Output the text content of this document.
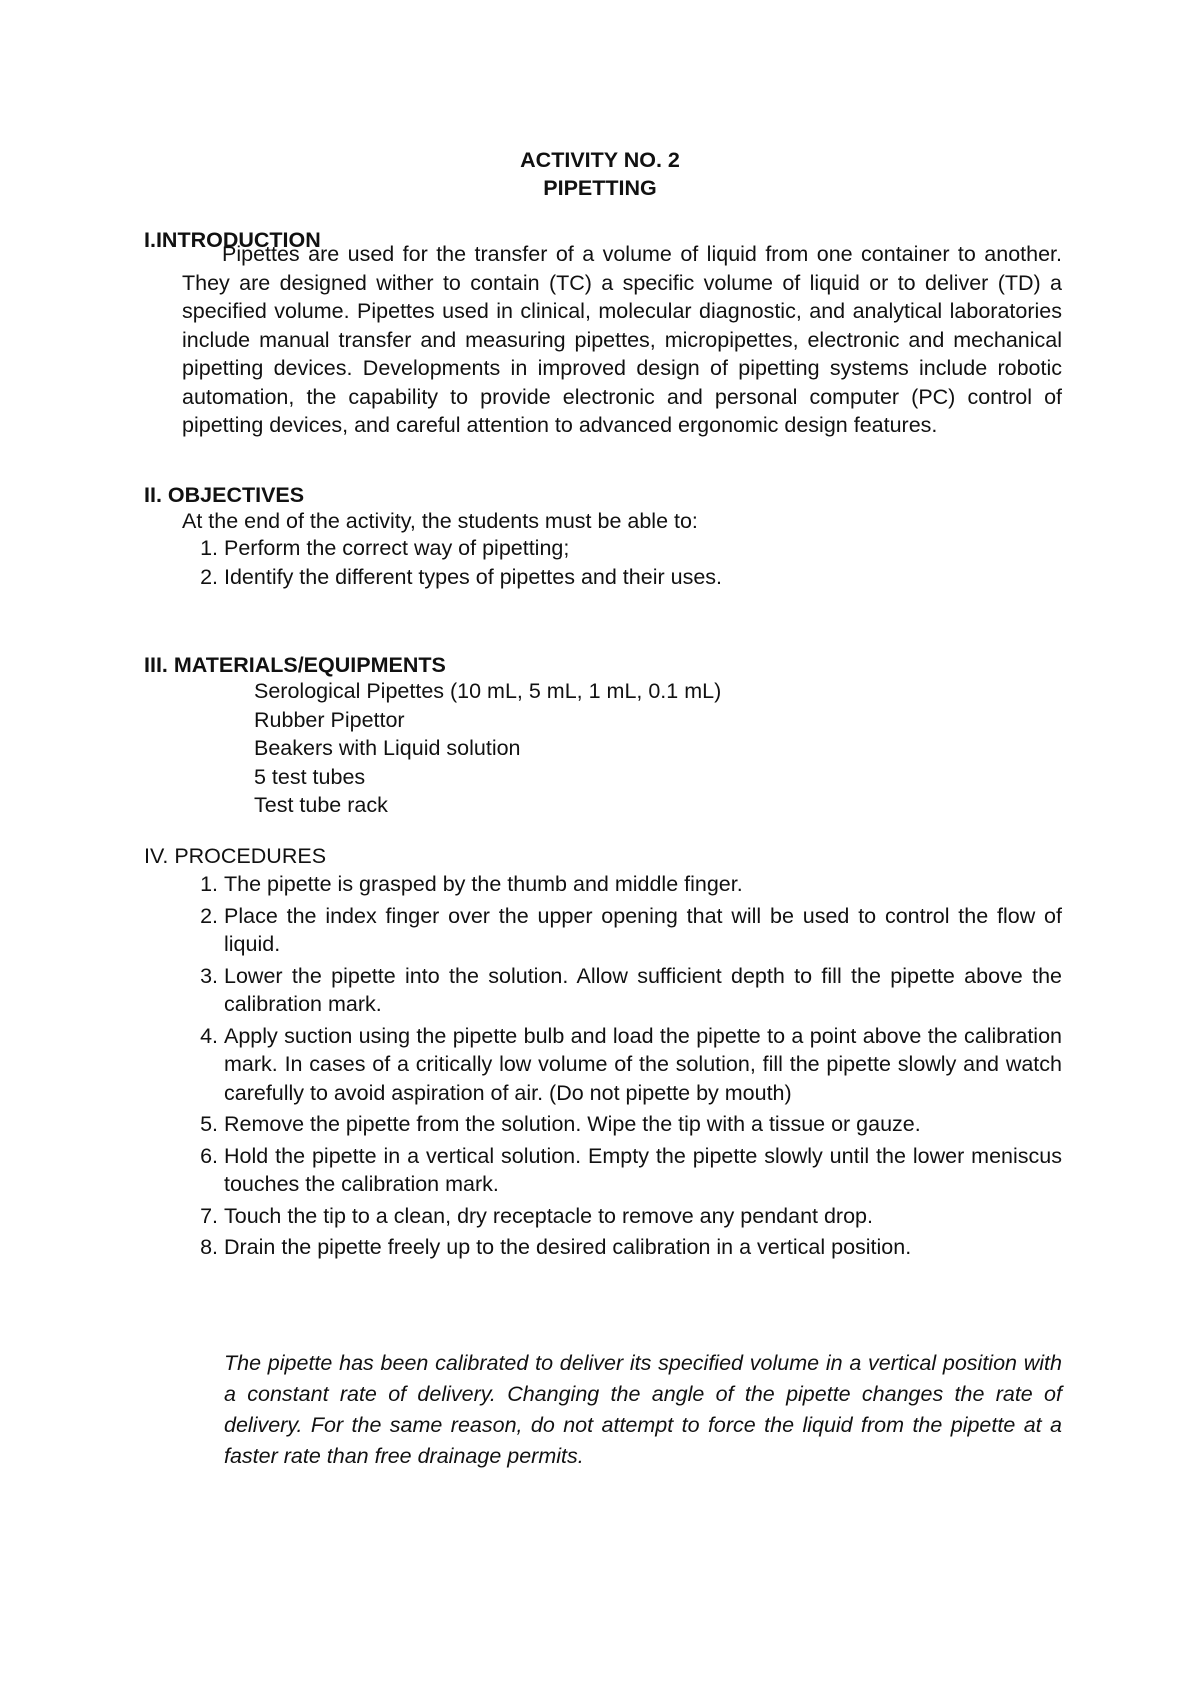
ACTIVITY NO. 2
PIPETTING
I.INTRODUCTION

Pipettes are used for the transfer of a volume of liquid from one container to another. They are designed wither to contain (TC) a specific volume of liquid or to deliver (TD) a specified volume. Pipettes used in clinical, molecular diagnostic, and analytical laboratories include manual transfer and measuring pipettes, micropipettes, electronic and mechanical pipetting devices. Developments in improved design of pipetting systems include robotic automation, the capability to provide electronic and personal computer (PC) control of pipetting devices, and careful attention to advanced ergonomic design features.

II. OBJECTIVES
At the end of the activity, the students must be able to:
1. Perform the correct way of pipetting;
2. Identify the different types of pipettes and their uses.
III. MATERIALS/EQUIPMENTS
Serological Pipettes (10 mL, 5 mL, 1 mL, 0.1 mL)
Rubber Pipettor
Beakers with Liquid solution
5 test tubes
Test tube rack
IV. PROCEDURES
1. The pipette is grasped by the thumb and middle finger.
2. Place the index finger over the upper opening that will be used to control the flow of liquid.
3. Lower the pipette into the solution. Allow sufficient depth to fill the pipette above the calibration mark.
4. Apply suction using the pipette bulb and load the pipette to a point above the calibration mark. In cases of a critically low volume of the solution, fill the pipette slowly and watch carefully to avoid aspiration of air. (Do not pipette by mouth)
5. Remove the pipette from the solution. Wipe the tip with a tissue or gauze.
6. Hold the pipette in a vertical solution. Empty the pipette slowly until the lower meniscus touches the calibration mark.
7. Touch the tip to a clean, dry receptacle to remove any pendant drop.
8. Drain the pipette freely up to the desired calibration in a vertical position.

The pipette has been calibrated to deliver its specified volume in a vertical position with a constant rate of delivery. Changing the angle of the pipette changes the rate of delivery. For the same reason, do not attempt to force the liquid from the pipette at a faster rate than free drainage permits.
